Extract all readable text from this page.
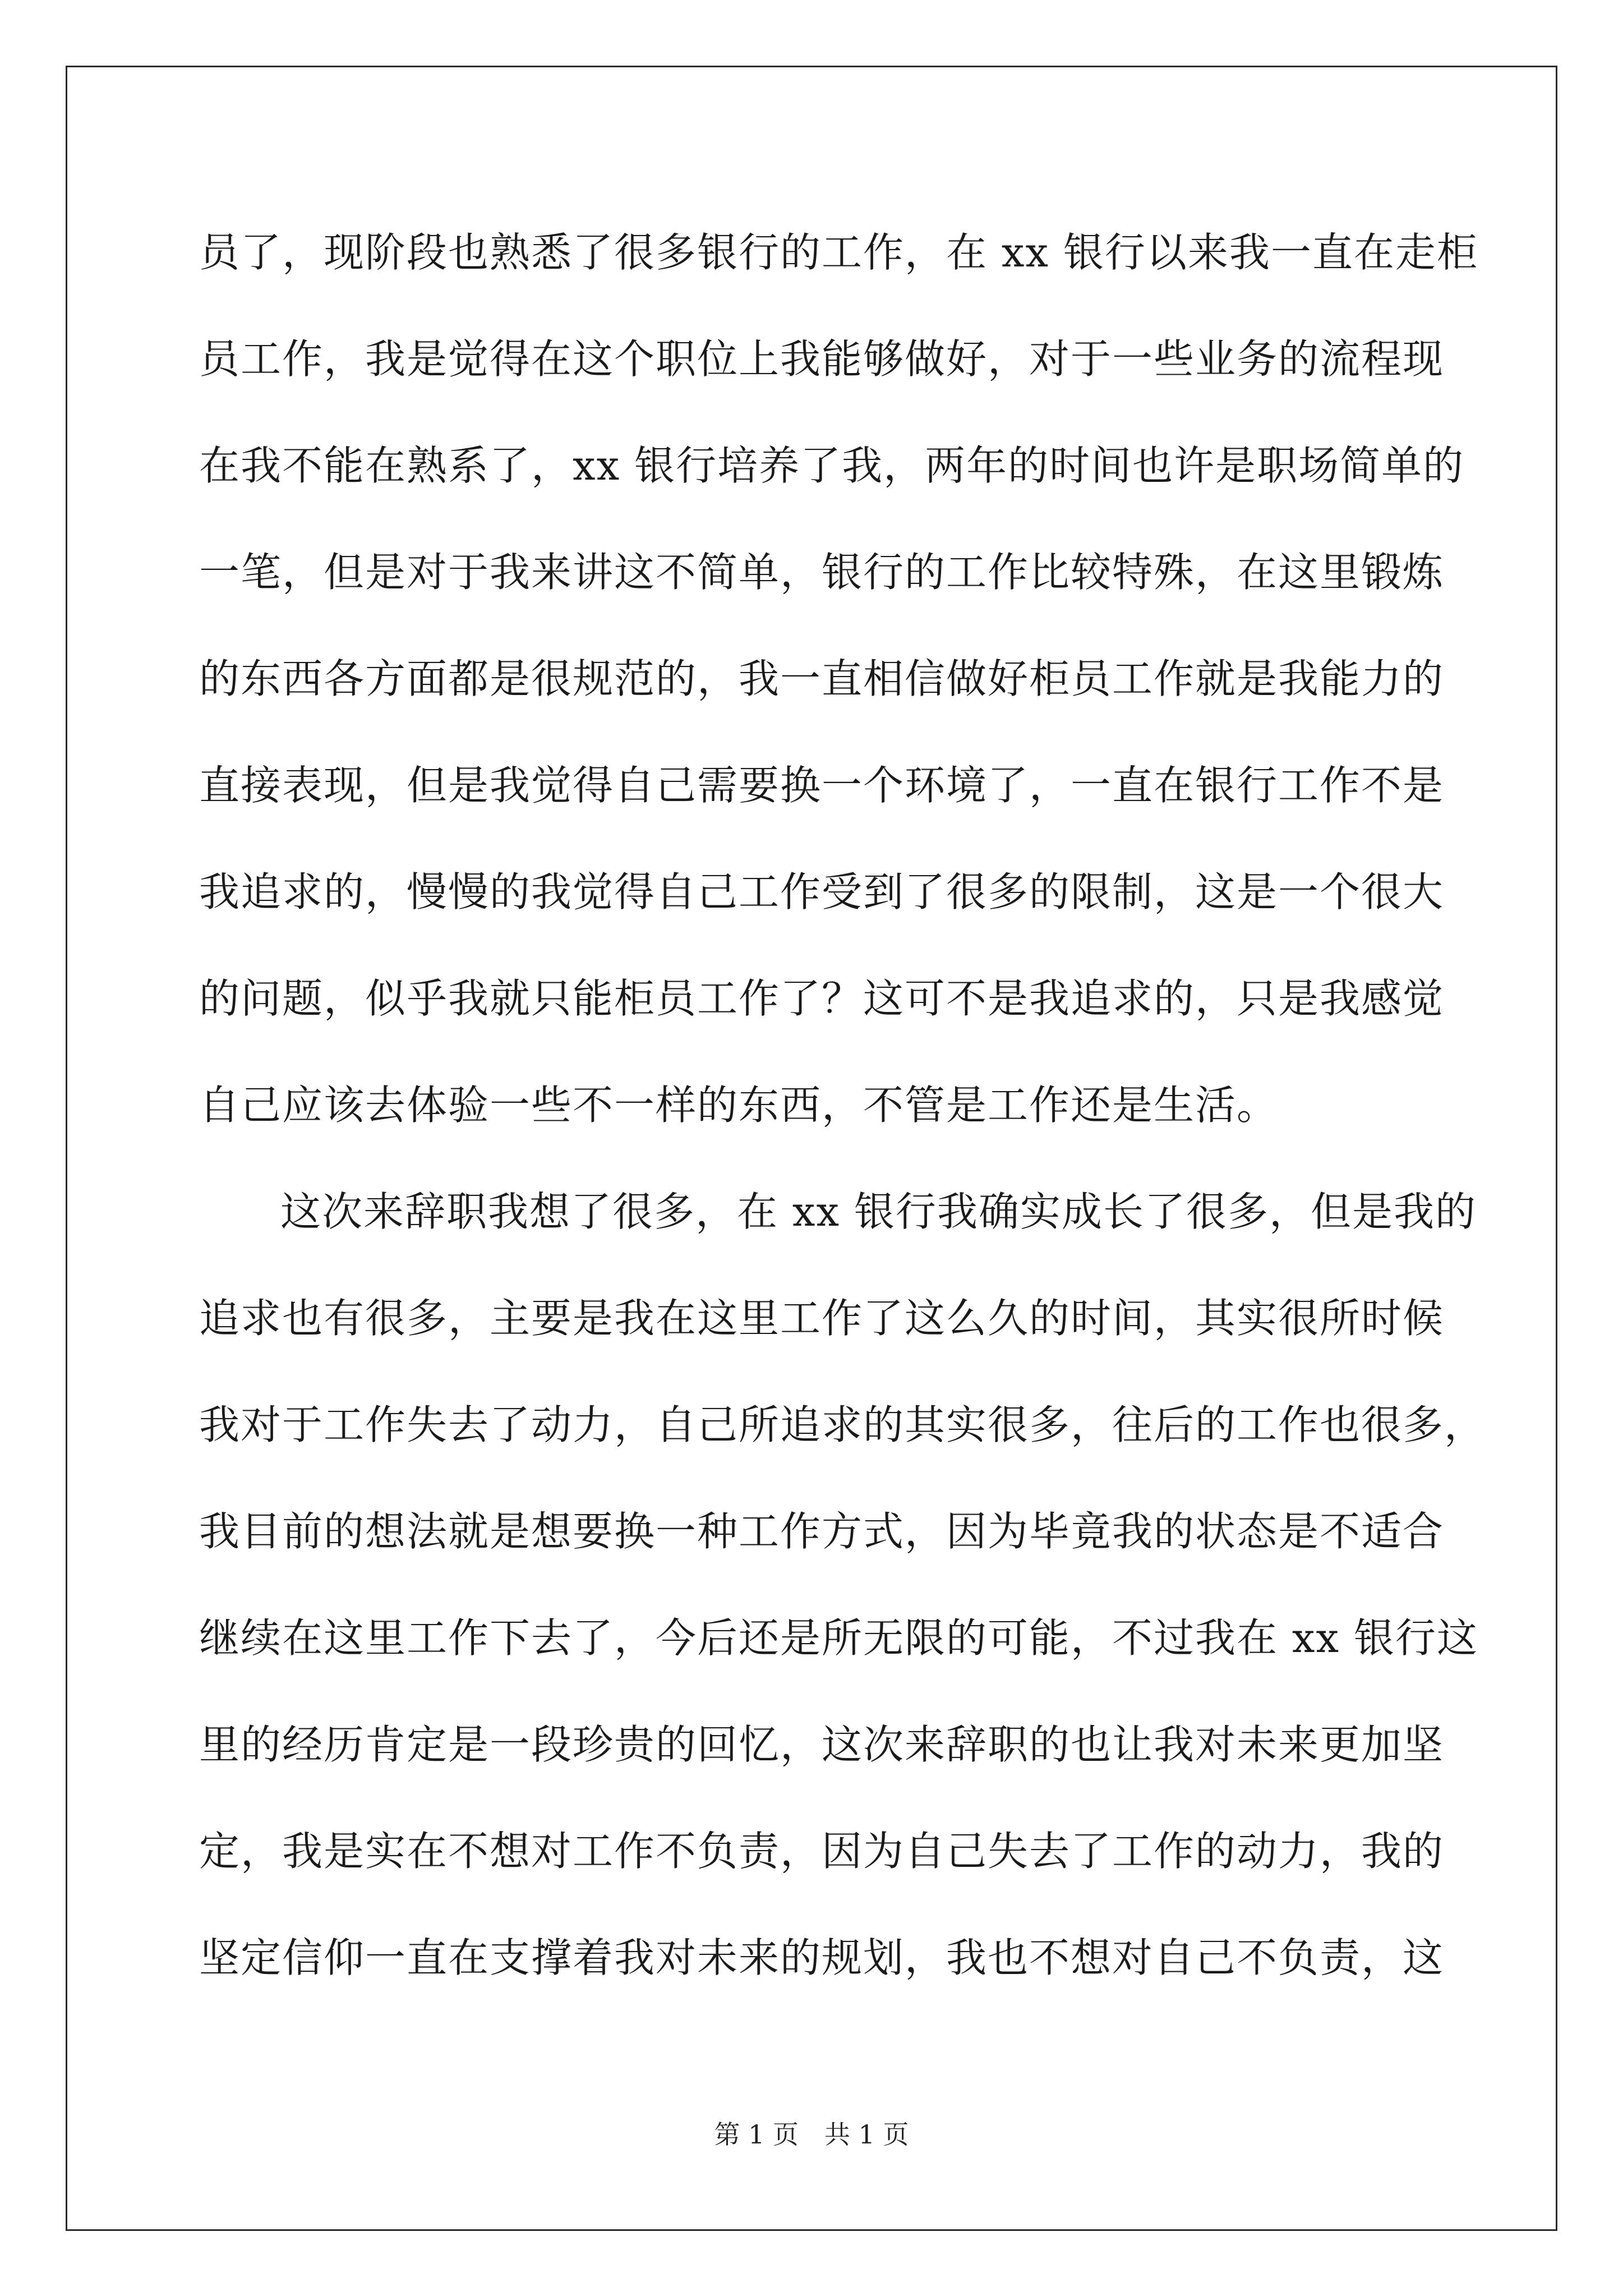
员了，现阶段也熟悉了很多银行的工作，在 xx 银行以来我一直在走柜
员工作，我是觉得在这个职位上我能够做好，对于一些业务的流程现
在我不能在熟系了，xx 银行培养了我，两年的时间也许是职场简单的
一笔，但是对于我来讲这不简单，银行的工作比较特殊，在这里锻炼
的东西各方面都是很规范的，我一直相信做好柜员工作就是我能力的
直接表现，但是我觉得自己需要换一个环境了，一直在银行工作不是
我追求的，慢慢的我觉得自己工作受到了很多的限制，这是一个很大
的问题，似乎我就只能柜员工作了？这可不是我追求的，只是我感觉
自己应该去体验一些不一样的东西，不管是工作还是生活。
这次来辞职我想了很多，在 xx 银行我确实成长了很多，但是我的
追求也有很多，主要是我在这里工作了这么久的时间，其实很所时候
我对于工作失去了动力，自己所追求的其实很多，往后的工作也很多，
我目前的想法就是想要换一种工作方式，因为毕竟我的状态是不适合
继续在这里工作下去了，今后还是所无限的可能，不过我在 xx 银行这
里的经历肯定是一段珍贵的回忆，这次来辞职的也让我对未来更加坚
定，我是实在不想对工作不负责，因为自己失去了工作的动力，我的
坚定信仰一直在支撑着我对未来的规划，我也不想对自己不负责，这
第 1 页　共 1 页
